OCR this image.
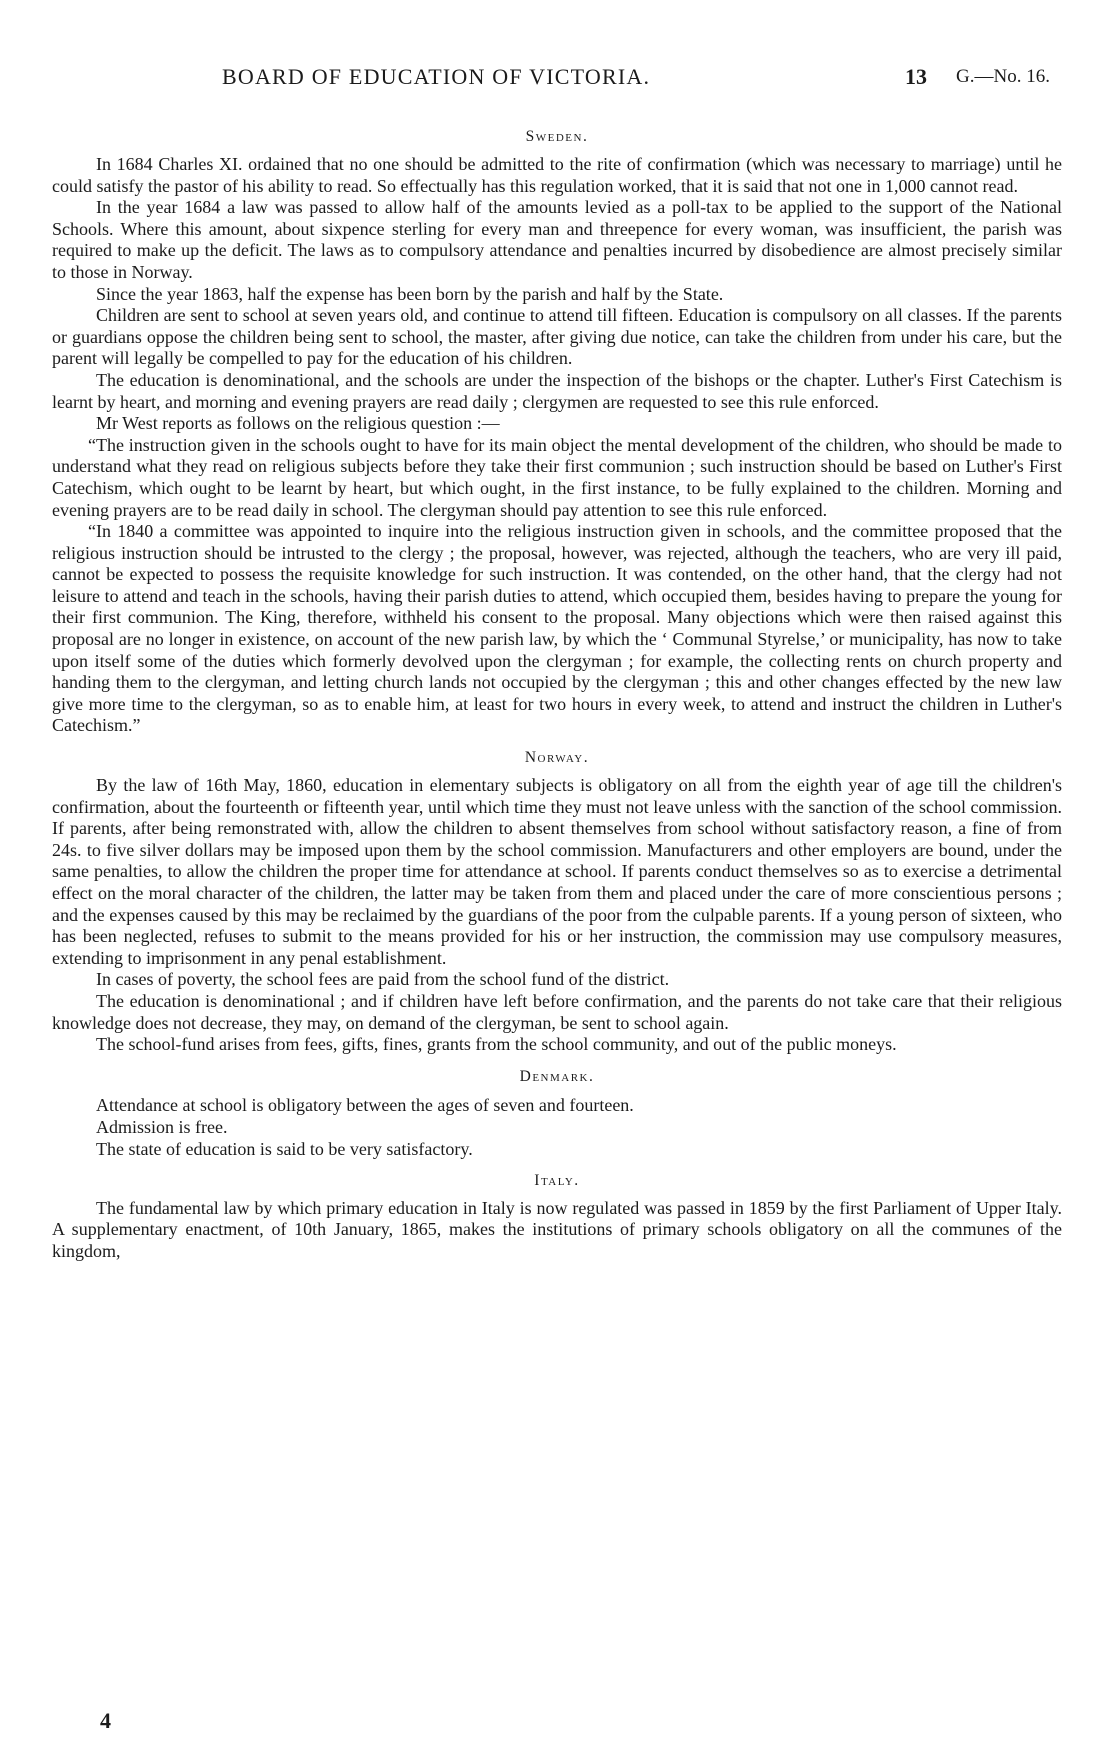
BOARD OF EDUCATION OF VICTORIA.	13 G.—No. 16.
Sweden.

In 1684 Charles XI. ordained that no one should be admitted to the rite of confirmation (which was necessary to marriage) until he could satisfy the pastor of his ability to read. So effectually has this regulation worked, that it is said that not one in 1,000 cannot read.

In the year 1684 a law was passed to allow half of the amounts levied as a poll-tax to be applied to the support of the National Schools. Where this amount, about sixpence sterling for every man and threepence for every woman, was insufficient, the parish was required to make up the deficit. The laws as to compulsory attendance and penalties incurred by disobedience are almost precisely similar to those in Norway.

Since the year 1863, half the expense has been born by the parish and half by the State.

Children are sent to school at seven years old, and continue to attend till fifteen. Education is compulsory on all classes. If the parents or guardians oppose the children being sent to school, the master, after giving due notice, can take the children from under his care, but the parent will legally be compelled to pay for the education of his children.

The education is denominational, and the schools are under the inspection of the bishops or the chapter. Luther's First Catechism is learnt by heart, and morning and evening prayers are read daily ; clergymen are requested to see this rule enforced.

Mr West reports as follows on the religious question :—

“The instruction given in the schools ought to have for its main object the mental development of the children, who should be made to understand what they read on religious subjects before they take their first communion ; such instruction should be based on Luther's First Catechism, which ought to be learnt by heart, but which ought, in the first instance, to be fully explained to the children. Morning and evening prayers are to be read daily in school. The clergyman should pay attention to see this rule enforced.

“In 1840 a committee was appointed to inquire into the religious instruction given in schools, and the committee proposed that the religious instruction should be intrusted to the clergy ; the proposal, however, was rejected, although the teachers, who are very ill paid, cannot be expected to possess the requisite knowledge for such instruction. It was contended, on the other hand, that the clergy had not leisure to attend and teach in the schools, having their parish duties to attend, which occupied them, besides having to prepare the young for their first communion. The King, therefore, withheld his consent to the proposal. Many objections which were then raised against this proposal are no longer in existence, on account of the new parish law, by which the ‘ Communal Styrelse,’ or municipality, has now to take upon itself some of the duties which formerly devolved upon the clergyman ; for example, the collecting rents on church property and handing them to the clergyman, and letting church lands not occupied by the clergyman ; this and other changes effected by the new law give more time to the clergyman, so as to enable him, at least for two hours in every week, to attend and instruct the children in Luther's Catechism.”

Norway.

By the law of 16th May, 1860, education in elementary subjects is obligatory on all from the eighth year of age till the children's confirmation, about the fourteenth or fifteenth year, until which time they must not leave unless with the sanction of the school commission. If parents, after being remonstrated with, allow the children to absent themselves from school without satisfactory reason, a fine of from 24s. to five silver dollars may be imposed upon them by the school commission. Manufacturers and other employers are bound, under the same penalties, to allow the children the proper time for attendance at school. If parents conduct themselves so as to exercise a detrimental effect on the moral character of the children, the latter may be taken from them and placed under the care of more conscientious persons ; and the expenses caused by this may be reclaimed by the guardians of the poor from the culpable parents. If a young person of sixteen, who has been neglected, refuses to submit to the means provided for his or her instruction, the commission may use compulsory measures, extending to imprisonment in any penal establishment.

In cases of poverty, the school fees are paid from the school fund of the district.

The education is denominational ; and if children have left before confirmation, and the parents do not take care that their religious knowledge does not decrease, they may, on demand of the clergyman, be sent to school again.

The school-fund arises from fees, gifts, fines, grants from the school community, and out of the public moneys.

Denmark.

Attendance at school is obligatory between the ages of seven and fourteen.

Admission is free.

The state of education is said to be very satisfactory.

Italy.

The fundamental law by which primary education in Italy is now regulated was passed in 1859 by the first Parliament of Upper Italy. A supplementary enactment, of 10th January, 1865, makes the institutions of primary schools obligatory on all the communes of the kingdom,

4
